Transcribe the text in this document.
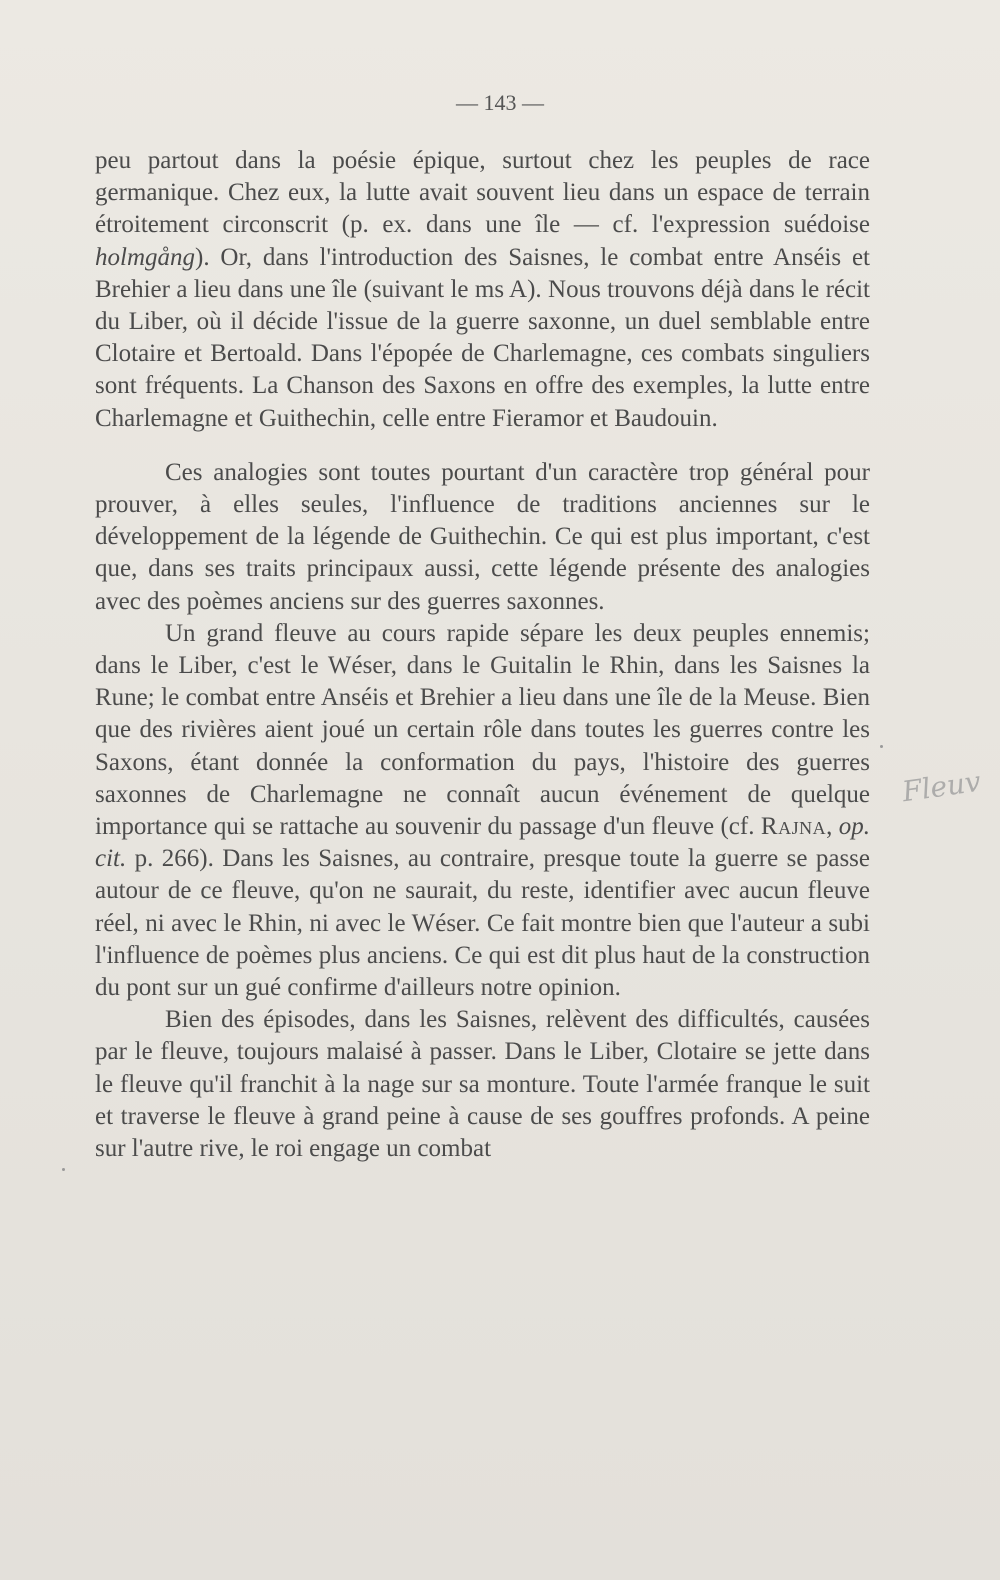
— 143 —

peu partout dans la poésie épique, surtout chez les peuples de race germanique. Chez eux, la lutte avait souvent lieu dans un espace de terrain étroitement circonscrit (p. ex. dans une île — cf. l'expression suédoise holmgång). Or, dans l'introduction des Saisnes, le combat entre Anséis et Brehier a lieu dans une île (suivant le ms A). Nous trouvons déjà dans le récit du Liber, où il décide l'issue de la guerre saxonne, un duel semblable entre Clotaire et Bertoald. Dans l'épopée de Charlemagne, ces combats singuliers sont fréquents. La Chanson des Saxons en offre des exemples, la lutte entre Charlemagne et Guithechin, celle entre Fieramor et Baudouin.

Ces analogies sont toutes pourtant d'un caractère trop général pour prouver, à elles seules, l'influence de traditions anciennes sur le développement de la légende de Guithechin. Ce qui est plus important, c'est que, dans ses traits principaux aussi, cette légende présente des analogies avec des poèmes anciens sur des guerres saxonnes.

Un grand fleuve au cours rapide sépare les deux peuples ennemis; dans le Liber, c'est le Wéser, dans le Guitalin le Rhin, dans les Saisnes la Rune; le combat entre Anséis et Brehier a lieu dans une île de la Meuse. Bien que des rivières aient joué un certain rôle dans toutes les guerres contre les Saxons, étant donnée la conformation du pays, l'histoire des guerres saxonnes de Charlemagne ne connaît aucun événement de quelque importance qui se rattache au souvenir du passage d'un fleuve (cf. Rajna, op. cit. p. 266). Dans les Saisnes, au contraire, presque toute la guerre se passe autour de ce fleuve, qu'on ne saurait, du reste, identifier avec aucun fleuve réel, ni avec le Rhin, ni avec le Wéser. Ce fait montre bien que l'auteur a subi l'influence de poèmes plus anciens. Ce qui est dit plus haut de la construction du pont sur un gué confirme d'ailleurs notre opinion.

Bien des épisodes, dans les Saisnes, relèvent des difficultés, causées par le fleuve, toujours malaisé à passer. Dans le Liber, Clotaire se jette dans le fleuve qu'il franchit à la nage sur sa monture. Toute l'armée franque le suit et traverse le fleuve à grand peine à cause de ses gouffres profonds. A peine sur l'autre rive, le roi engage un combat

Fleuv
